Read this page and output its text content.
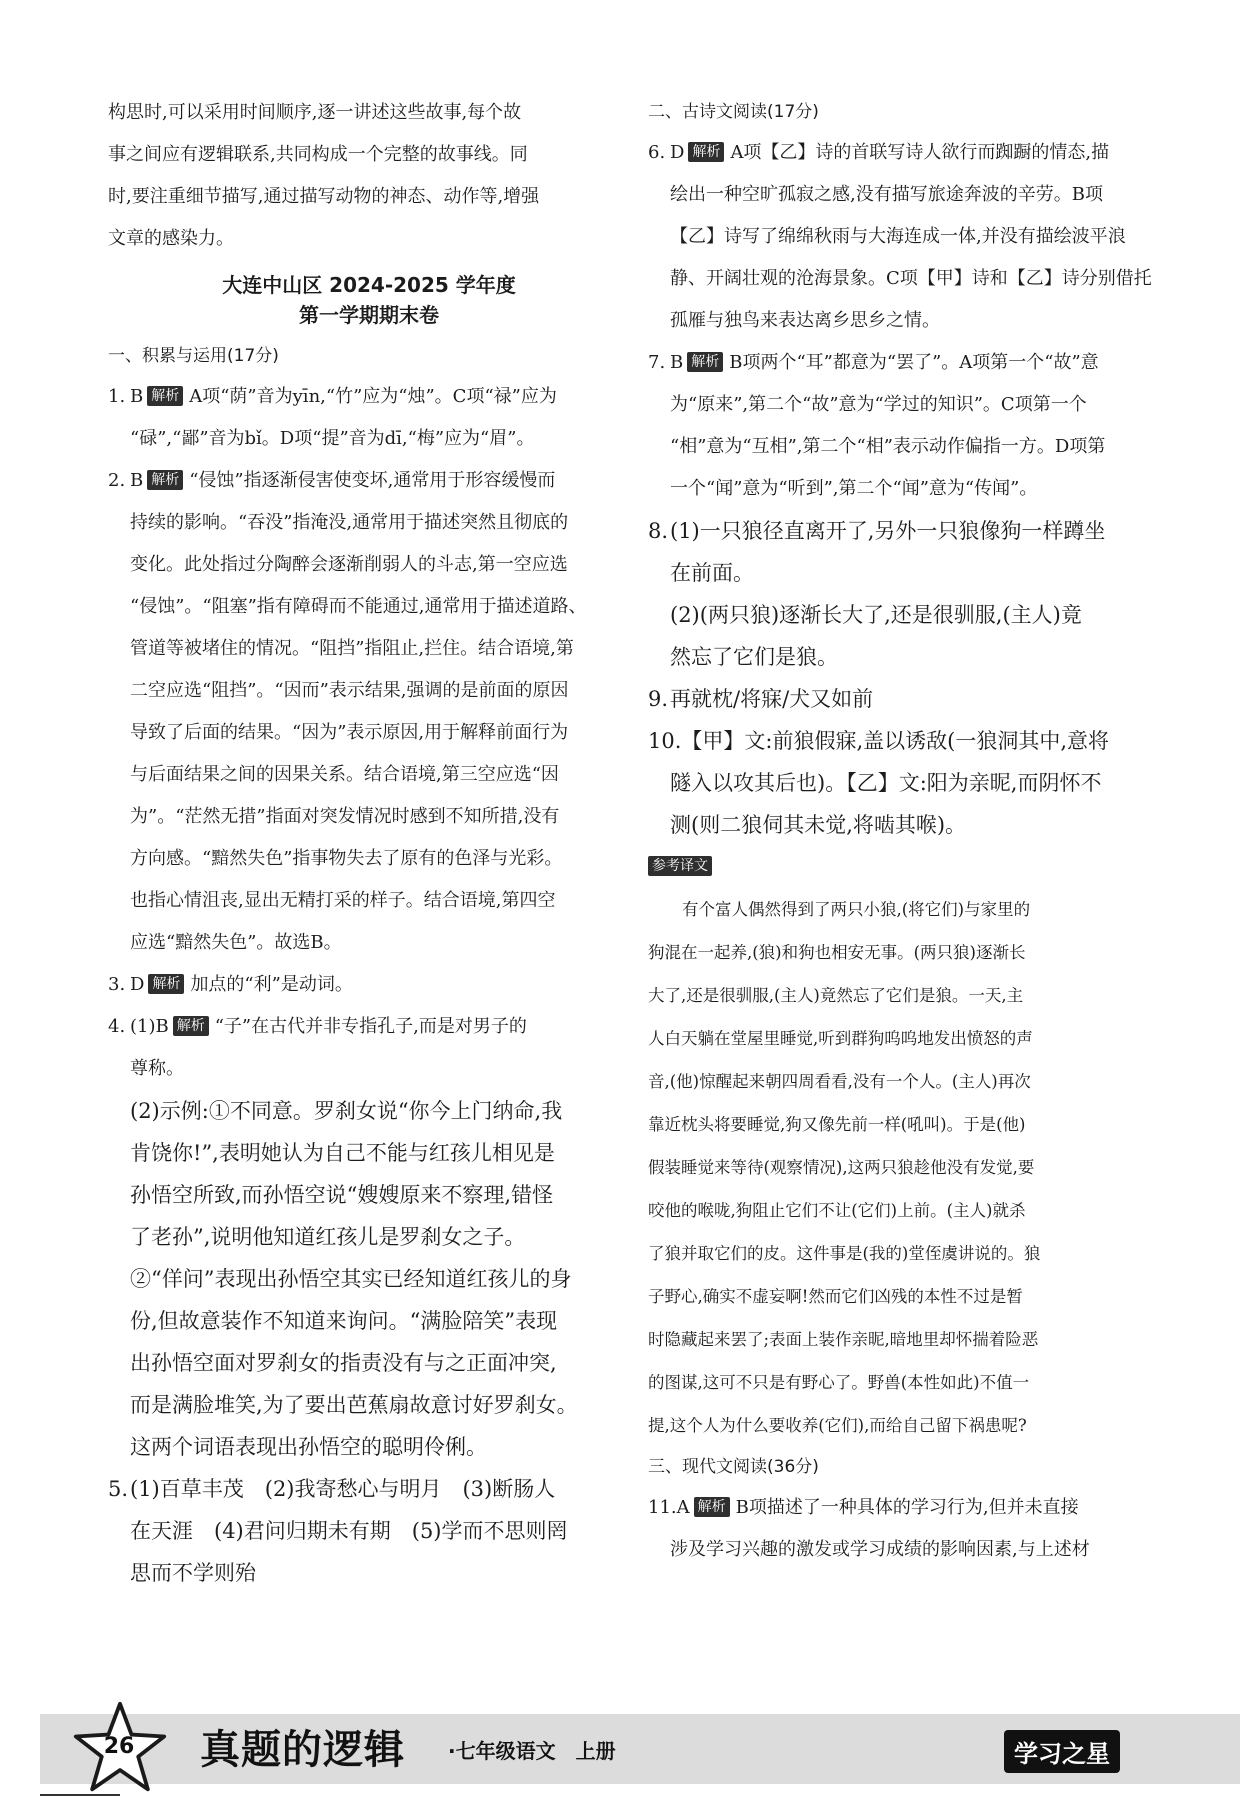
构思时,可以采用时间顺序,逐一讲述这些故事,每个故

事之间应有逻辑联系,共同构成一个完整的故事线。同

时,要注重细节描写,通过描写动物的神态、动作等,增强

文章的感染力。

大连中山区 2024-2025 学年度
第一学期期末卷

一、积累与运用(17分)

1. B 解析 A项“荫”音为yīn,“竹”应为“烛”。C项“禄”应为

“碌”,“鄙”音为bǐ。D项“提”音为dī,“梅”应为“眉”。

2. B 解析 “侵蚀”指逐渐侵害使变坏,通常用于形容缓慢而

持续的影响。“吞没”指淹没,通常用于描述突然且彻底的

变化。此处指过分陶醉会逐渐削弱人的斗志,第一空应选

“侵蚀”。“阻塞”指有障碍而不能通过,通常用于描述道路、

管道等被堵住的情况。“阻挡”指阻止,拦住。结合语境,第

二空应选“阻挡”。“因而”表示结果,强调的是前面的原因

导致了后面的结果。“因为”表示原因,用于解释前面行为

与后面结果之间的因果关系。结合语境,第三空应选“因

为”。“茫然无措”指面对突发情况时感到不知所措,没有

方向感。“黯然失色”指事物失去了原有的色泽与光彩。

也指心情沮丧,显出无精打采的样子。结合语境,第四空

应选“黯然失色”。故选B。

3. D 解析 加点的“利”是动词。

4. (1)B 解析 “子”在古代并非专指孔子,而是对男子的

尊称。

(2)示例:①不同意。罗刹女说“你今上门纳命,我

肯饶你!”,表明她认为自己不能与红孩儿相见是

孙悟空所致,而孙悟空说“嫂嫂原来不察理,错怪

了老孙”,说明他知道红孩儿是罗刹女之子。

②“佯问”表现出孙悟空其实已经知道红孩儿的身

份,但故意装作不知道来询问。“满脸陪笑”表现

出孙悟空面对罗刹女的指责没有与之正面冲突,

而是满脸堆笑,为了要出芭蕉扇故意讨好罗刹女。

这两个词语表现出孙悟空的聪明伶俐。

5.(1)百草丰茂　(2)我寄愁心与明月　(3)断肠人

在天涯　(4)君问归期未有期　(5)学而不思则罔

思而不学则殆

二、古诗文阅读(17分)

6. D 解析 A项【乙】诗的首联写诗人欲行而踟蹰的情态,描

绘出一种空旷孤寂之感,没有描写旅途奔波的辛劳。B项

【乙】诗写了绵绵秋雨与大海连成一体,并没有描绘波平浪

静、开阔壮观的沧海景象。C项【甲】诗和【乙】诗分别借托

孤雁与独鸟来表达离乡思乡之情。

7. B 解析 B项两个“耳”都意为“罢了”。A项第一个“故”意

为“原来”,第二个“故”意为“学过的知识”。C项第一个

“相”意为“互相”,第二个“相”表示动作偏指一方。D项第

一个“闻”意为“听到”,第二个“闻”意为“传闻”。

8.(1)一只狼径直离开了,另外一只狼像狗一样蹲坐

在前面。

(2)(两只狼)逐渐长大了,还是很驯服,(主人)竟

然忘了它们是狼。

9.再就枕/将寐/犬又如前

10.【甲】文:前狼假寐,盖以诱敌(一狼洞其中,意将

隧入以攻其后也)。【乙】文:阳为亲昵,而阴怀不

测(则二狼伺其未觉,将啮其喉)。

参考译文

有个富人偶然得到了两只小狼,(将它们)与家里的

狗混在一起养,(狼)和狗也相安无事。(两只狼)逐渐长

大了,还是很驯服,(主人)竟然忘了它们是狼。一天,主

人白天躺在堂屋里睡觉,听到群狗呜呜地发出愤怒的声

音,(他)惊醒起来朝四周看看,没有一个人。(主人)再次

靠近枕头将要睡觉,狗又像先前一样(吼叫)。于是(他)

假装睡觉来等待(观察情况),这两只狼趁他没有发觉,要

咬他的喉咙,狗阻止它们不让(它们)上前。(主人)就杀

了狼并取它们的皮。这件事是(我的)堂侄虞讲说的。狼

子野心,确实不虚妄啊!然而它们凶残的本性不过是暂

时隐藏起来罢了;表面上装作亲昵,暗地里却怀揣着险恶

的图谋,这可不只是有野心了。野兽(本性如此)不值一

提,这个人为什么要收养(它们),而给自己留下祸患呢?

三、现代文阅读(36分)

11.A 解析 B项描述了一种具体的学习行为,但并未直接

涉及学习兴趣的激发或学习成绩的影响因素,与上述材

26 真题的逻辑 ·七年级语文　上册	学习之星
